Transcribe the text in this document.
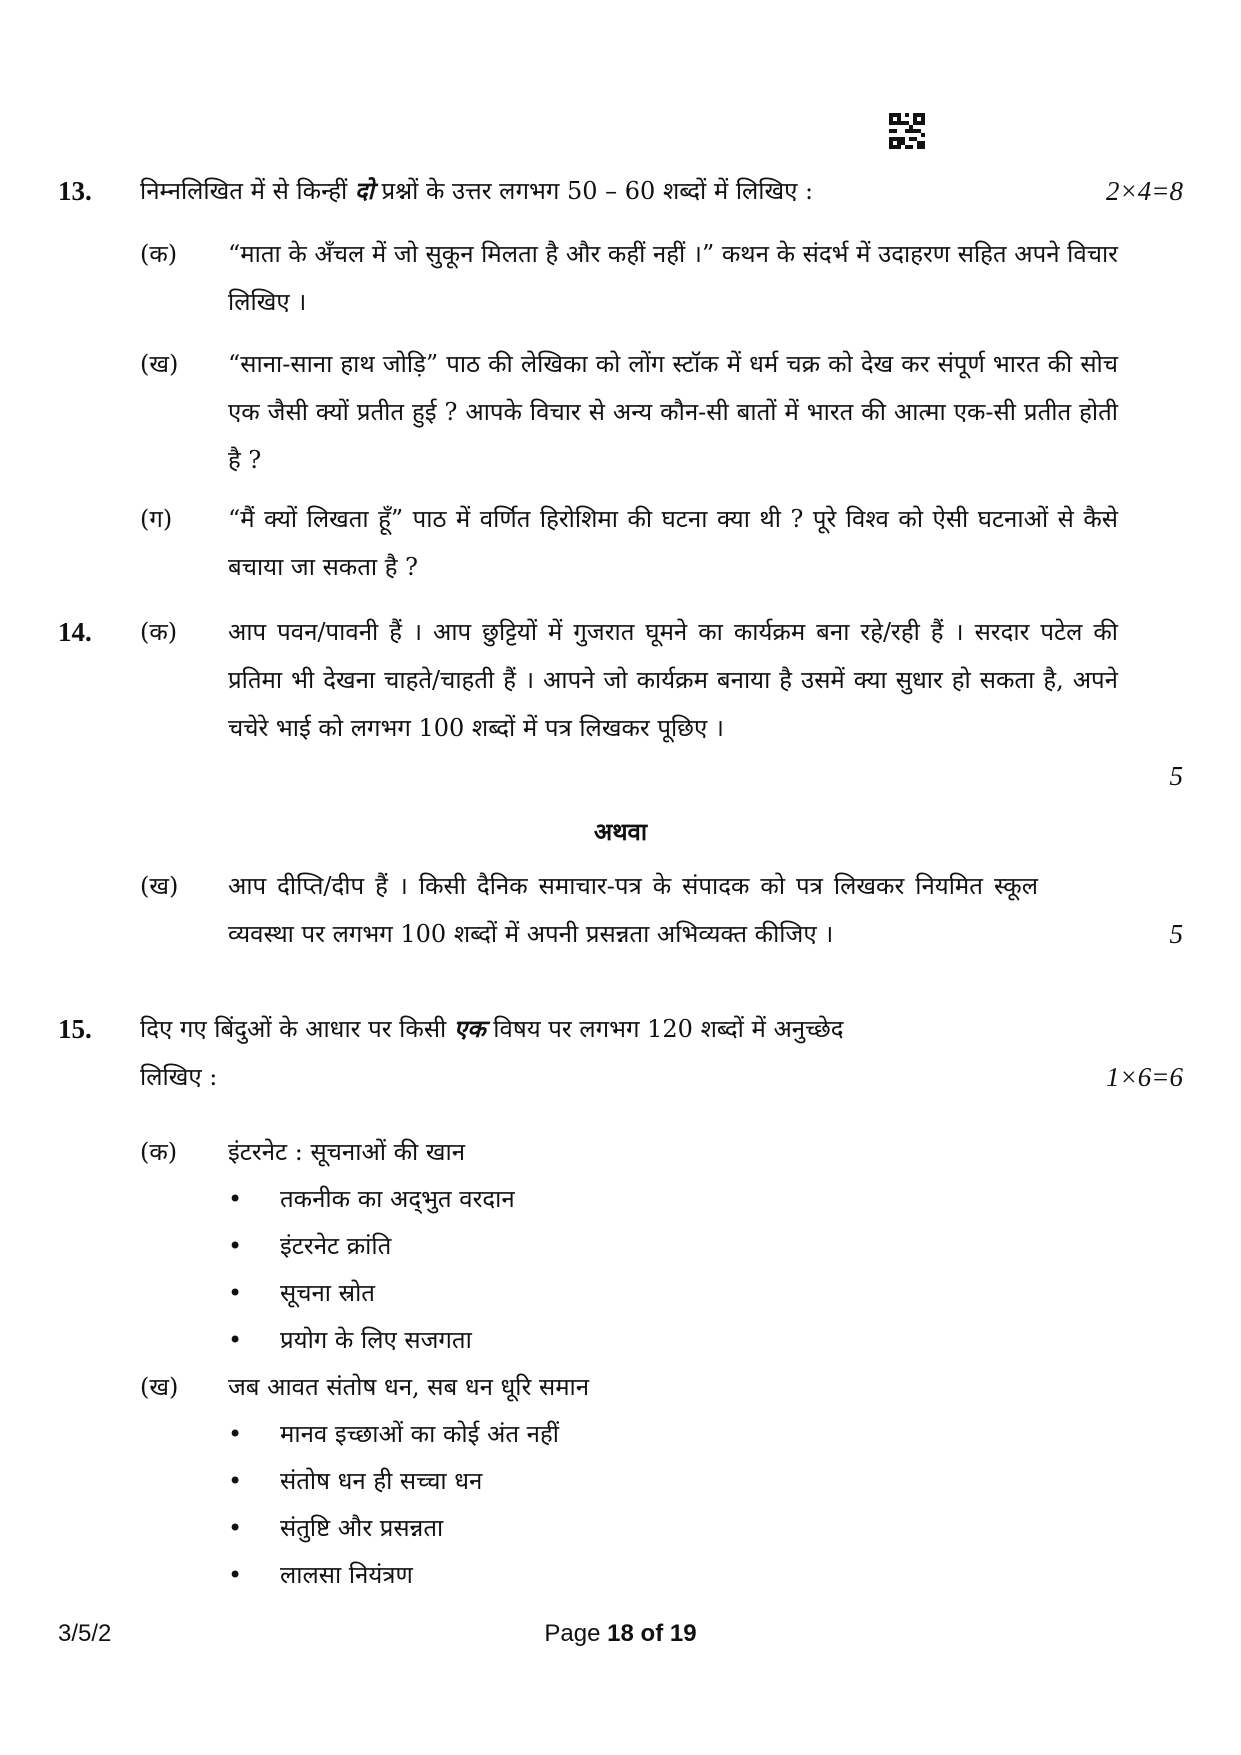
13. निम्नलिखित में से किन्हीं दो प्रश्नों के उत्तर लगभग 50 – 60 शब्दों में लिखिए :	2×4=8
(क) “माता के अँचल में जो सुकून मिलता है और कहीं नहीं ।” कथन के संदर्भ में उदाहरण सहित अपने विचार लिखिए ।
(ख) “साना-साना हाथ जोड़ि” पाठ की लेखिका को लोंग स्टॉक में धर्म चक्र को देख कर संपूर्ण भारत की सोच एक जैसी क्यों प्रतीत हुई ? आपके विचार से अन्य कौन-सी बातों में भारत की आत्मा एक-सी प्रतीत होती है ?
(ग) “मैं क्यों लिखता हूँ” पाठ में वर्णित हिरोशिमा की घटना क्या थी ? पूरे विश्व को ऐसी घटनाओं से कैसे बचाया जा सकता है ?
14. (क) आप पवन/पावनी हैं । आप छुट्टियों में गुजरात घूमने का कार्यक्रम बना रहे/रही हैं । सरदार पटेल की प्रतिमा भी देखना चाहते/चाहती हैं । आपने जो कार्यक्रम बनाया है उसमें क्या सुधार हो सकता है, अपने चचेरे भाई को लगभग 100 शब्दों में पत्र लिखकर पूछिए ।
5
अथवा
(ख) आप दीप्ति/दीप हैं । किसी दैनिक समाचार-पत्र के संपादक को पत्र लिखकर नियमित स्कूल व्यवस्था पर लगभग 100 शब्दों में अपनी प्रसन्नता अभिव्यक्त कीजिए ।	5
15. दिए गए बिंदुओं के आधार पर किसी एक विषय पर लगभग 120 शब्दों में अनुच्छेद
लिखिए :	1×6=6
(क) इंटरनेट : सूचनाओं की खान
• तकनीक का अद्‌भुत वरदान
• इंटरनेट क्रांति
• सूचना स्रोत
• प्रयोग के लिए सजगता
(ख) जब आवत संतोष धन, सब धन धूरि समान
• मानव इच्छाओं का कोई अंत नहीं
• संतोष धन ही सच्चा धन
• संतुष्टि और प्रसन्नता
• लालसा नियंत्रण
3/5/2	Page 18 of 19
